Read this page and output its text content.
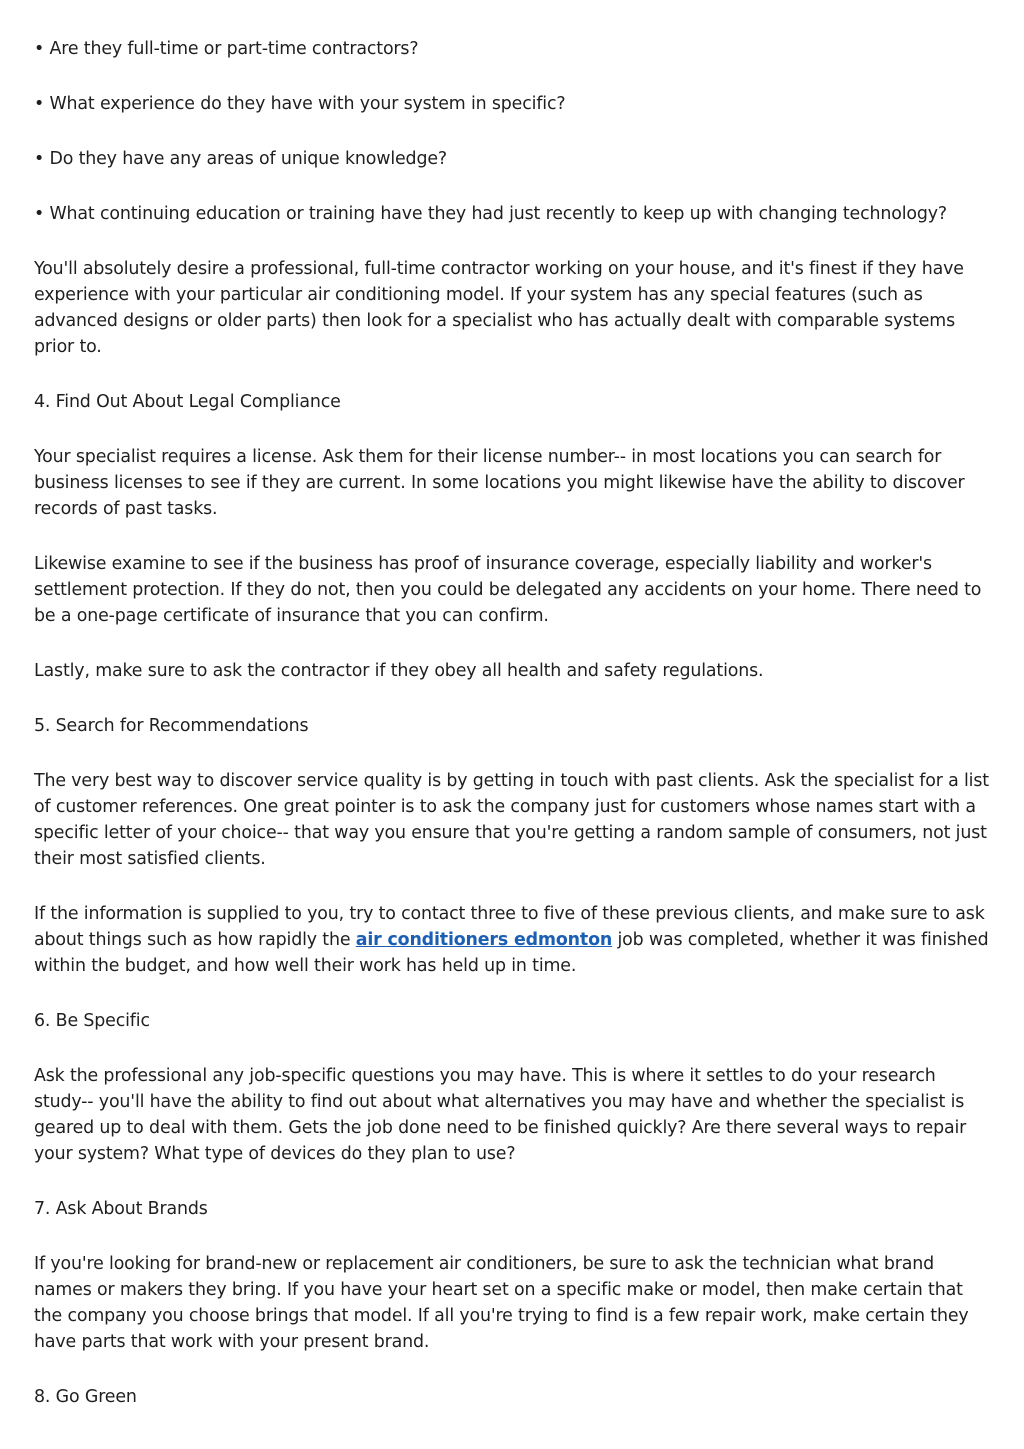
• Are they full-time or part-time contractors?

• What experience do they have with your system in specific?

• Do they have any areas of unique knowledge?

• What continuing education or training have they had just recently to keep up with changing technology?

You'll absolutely desire a professional, full-time contractor working on your house, and it's finest if they have experience with your particular air conditioning model. If your system has any special features (such as advanced designs or older parts) then look for a specialist who has actually dealt with comparable systems prior to.

4. Find Out About Legal Compliance

Your specialist requires a license. Ask them for their license number-- in most locations you can search for business licenses to see if they are current. In some locations you might likewise have the ability to discover records of past tasks.

Likewise examine to see if the business has proof of insurance coverage, especially liability and worker's settlement protection. If they do not, then you could be delegated any accidents on your home. There need to be a one-page certificate of insurance that you can confirm.

Lastly, make sure to ask the contractor if they obey all health and safety regulations.

5. Search for Recommendations

The very best way to discover service quality is by getting in touch with past clients. Ask the specialist for a list of customer references. One great pointer is to ask the company just for customers whose names start with a specific letter of your choice-- that way you ensure that you're getting a random sample of consumers, not just their most satisfied clients.

If the information is supplied to you, try to contact three to five of these previous clients, and make sure to ask about things such as how rapidly the air conditioners edmonton job was completed, whether it was finished within the budget, and how well their work has held up in time.

6. Be Specific

Ask the professional any job-specific questions you may have. This is where it settles to do your research study-- you'll have the ability to find out about what alternatives you may have and whether the specialist is geared up to deal with them. Gets the job done need to be finished quickly? Are there several ways to repair your system? What type of devices do they plan to use?

7. Ask About Brands

If you're looking for brand-new or replacement air conditioners, be sure to ask the technician what brand names or makers they bring. If you have your heart set on a specific make or model, then make certain that the company you choose brings that model. If all you're trying to find is a few repair work, make certain they have parts that work with your present brand.

8. Go Green
